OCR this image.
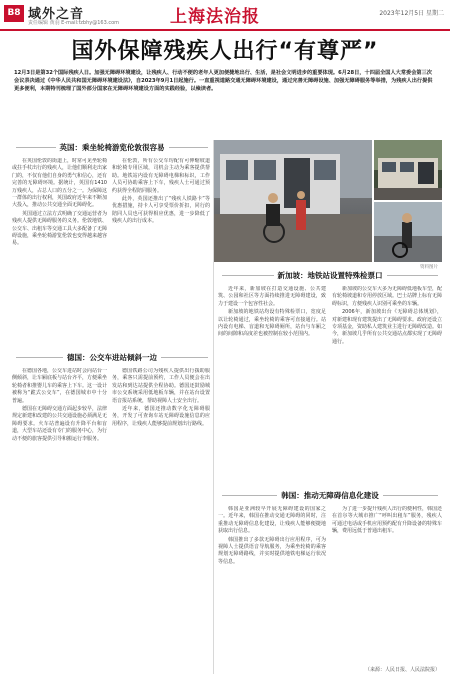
B8 域外之音
责任编辑 黄羽 E-mail:fzbhy@163.com	上海法治报	2023年12月5日 星期二
国外保障残疾人出行“有尊严”
12月3日是第32个国际残疾人日。加强无障碍环境建设，让残疾人、行动不便的老年人更加便捷地出行、生活，是社会文明进步的重要体现。6月28日，十四届全国人大常委会第三次会议表决通过《中华人民共和国无障碍环境建设法》，自2023年9月1日起施行。一直重视道路交通无障碍环境建设，通过完善无障碍设施、加强无障碍服务等举措，为残疾人出行提供更多便利，本期特刊梳理了国外部分国家在无障碍环境建设方面的实践经验，以飨读者。
英国：乘坐轮椅游览伦敦很容易

在英国伦敦的街道上，时常可见坐轮椅或拄手杖出行的残疾人，让他们顺利走出家门的，不仅有他们自身的勇气和信心，还有完善的无障碍环境。据统计，英国有1410万残疾人，占总人口的五分之一。为保障这一群体的出行权利，英国政府近年来不断加大投入，推动公共交通全面无障碍化。

英国通过立法方式明确了交通运营者为残疾人提供无障碍服务的义务。伦敦地铁、公交车、出租车等交通工具大多配备了无障碍设施，乘坐轮椅游览伦敦也变得越来越容易。

在伦敦，所有公交车均配有可伸缩坡道和轮椅专用区域，司机会主动为乘客提供帮助。地铁站内设有无障碍电梯和标识，工作人员可协助乘客上下车，残疾人士可通过预约获得全程陪同服务。

此外，英国还推出了“残疾人铁路卡”等优惠措施，持卡人可享受票价折扣，同行的陪同人员也可获得相应优惠，进一步降低了残疾人的出行成本。

资料图片
德国：公交车进站倾斜一边

在德国各地，公交车进站时会向站台一侧倾斜，让车厢底板与站台齐平，方便乘坐轮椅者和推婴儿车的乘客上下车。这一设计被称为“跪式公交车”，在德国城市中十分普遍。

德国在无障碍交通方面起步较早，法律规定新建和改建的公共交通设施必须满足无障碍要求。火车站普遍设有升降平台和盲道，大型车站还设有专门的服务中心，为行动不便的旅客提供引导和搬运行李服务。

德国铁路公司为残疾人提供出行援助服务，乘客只需提前预约，工作人员便会在出发站和到达站提供全程协助。德国还鼓励城市公交系统采用低地板车辆，并在站台设置语音报站系统，帮助视障人士安全出行。

近年来，德国还推动数字化无障碍服务，开发了可查询车站无障碍设施信息的应用程序，让残疾人能够提前规划出行路线。

新加坡：地铁站设置特殊检票口

近年来，新加坡在打造交通设施、公共建筑、公园和社区等方面持续推进无障碍建设，致力于建设一个包容性社会。

新加坡的地铁站均设有特殊检票口，宽度足以让轮椅通过，乘坐轮椅的乘客可直接通行。站内设有电梯、盲道和无障碍厕所，站台与车厢之间的间隙和高度差也被控制在较小范围内。

新加坡的公交车大多为无障碍低地板车型，配有轮椅坡道和专用停放区域。巴士站牌上标有无障碍标识，方便残疾人识别可乘坐的车辆。

2006年，新加坡出台《无障碍总体规划》，对新建和现有建筑提出了无障碍要求。政府还设立专项基金，资助私人建筑业主进行无障碍改造。如今，新加坡几乎所有公共交通站点都实现了无障碍通行。

韩国：推动无障碍信息化建设

韩国是亚洲较早开展无障碍建设的国家之一。近年来，韩国在推动交通无障碍的同时，注重推动无障碍信息化建设，让残疾人能够便捷地获取出行信息。

韩国推出了多款无障碍出行应用程序，可为视障人士提供语音导航服务，为乘坐轮椅的乘客规划无障碍路线，并实时提供地铁电梯运行状况等信息。

为了进一步提升残疾人出行的便利性，韩国还在首尔等大城市推广“呼叫出租车”服务，残疾人可通过电话或手机应用预约配有升降设备的特殊车辆，费用远低于普通出租车。

（来源：人民日报、人民法院报）
